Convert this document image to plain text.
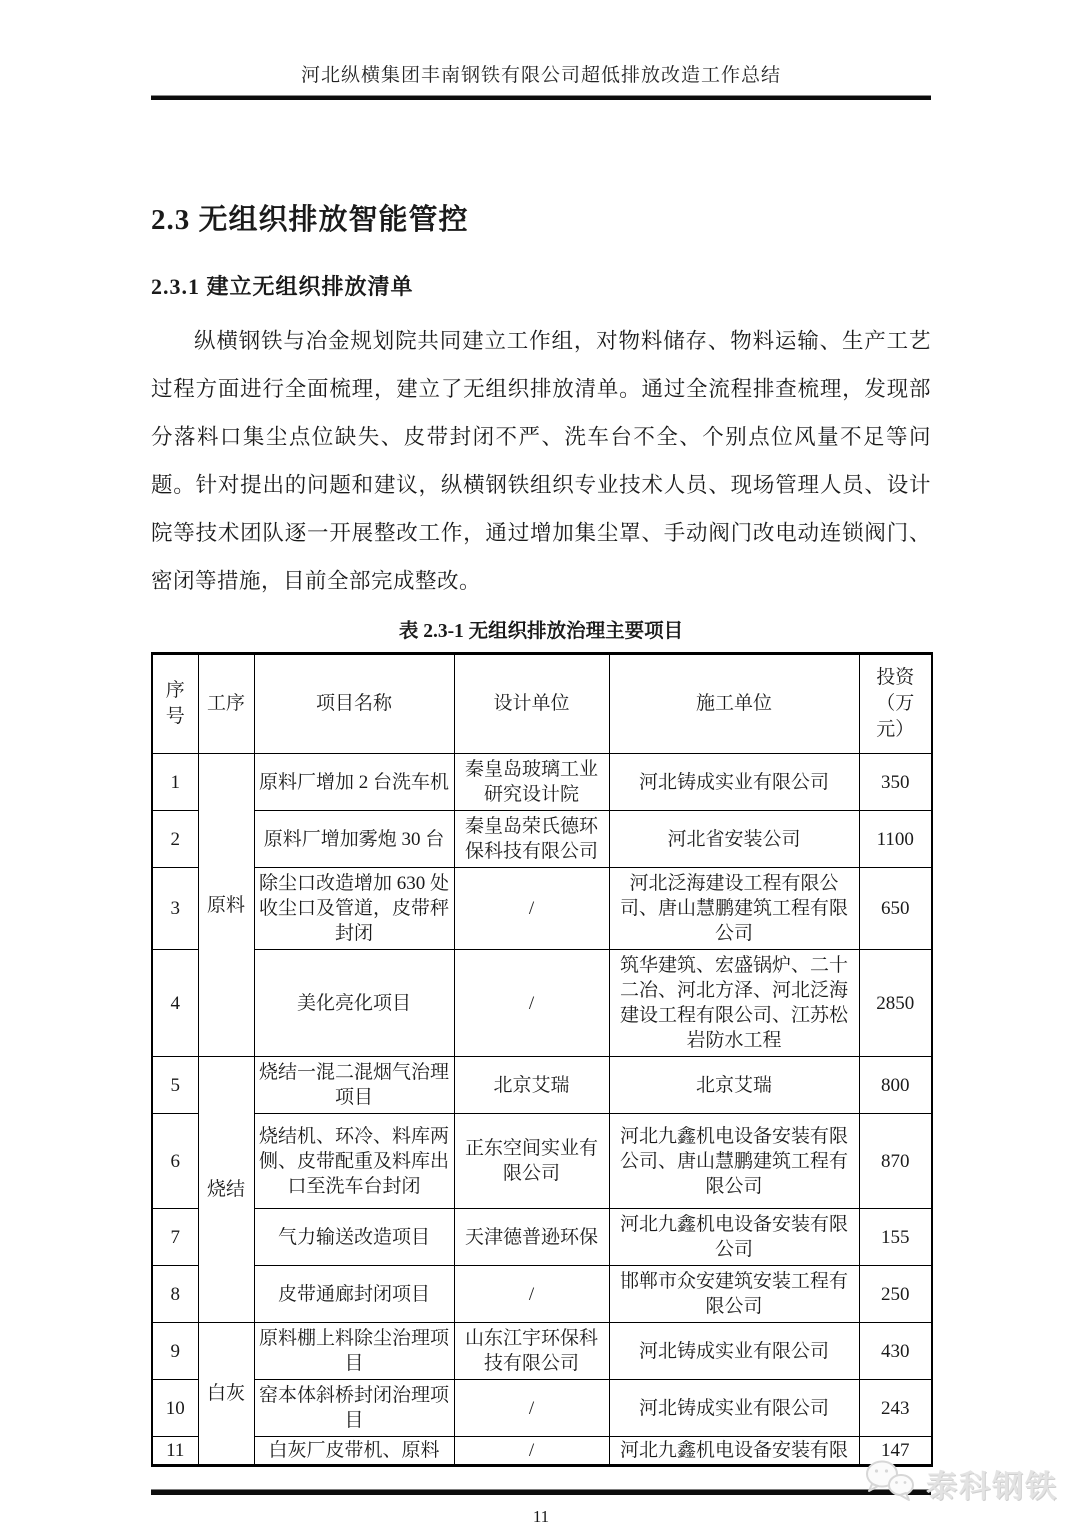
河北纵横集团丰南钢铁有限公司超低排放改造工作总结
2.3 无组织排放智能管控
2.3.1 建立无组织排放清单

纵横钢铁与冶金规划院共同建立工作组，对物料储存、物料运输、生产工艺过程方面进行全面梳理，建立了无组织排放清单。通过全流程排查梳理，发现部分落料口集尘点位缺失、皮带封闭不严、洗车台不全、个别点位风量不足等问题。针对提出的问题和建议，纵横钢铁组织专业技术人员、现场管理人员、设计院等技术团队逐一开展整改工作，通过增加集尘罩、手动阀门改电动连锁阀门、密闭等措施，目前全部完成整改。

表 2.3-1 无组织排放治理主要项目
序号	工序	项目名称	设计单位	施工单位	投资（万元）
1	原料	原料厂增加 2 台洗车机	秦皇岛玻璃工业研究设计院	河北铸成实业有限公司	350
2		原料厂增加雾炮 30 台	秦皇岛荣氏德环保科技有限公司	河北省安装公司	1100
3		除尘口改造增加 630 处收尘口及管道，皮带秤封闭	/	河北泛海建设工程有限公司、唐山慧鹏建筑工程有限公司	650
4		美化亮化项目	/	筑华建筑、宏盛锅炉、二十二冶、河北方泽、河北泛海建设工程有限公司、江苏松岩防水工程	2850
5	烧结	烧结一混二混烟气治理项目	北京艾瑞	北京艾瑞	800
6		烧结机、环冷、料库两侧、皮带配重及料库出口至洗车台封闭	正东空间实业有限公司	河北九鑫机电设备安装有限公司、唐山慧鹏建筑工程有限公司	870
7		气力输送改造项目	天津德普逊环保	河北九鑫机电设备安装有限公司	155
8		皮带通廊封闭项目	/	邯郸市众安建筑安装工程有限公司	250
9	白灰	原料棚上料除尘治理项目	山东江宇环保科技有限公司	河北铸成实业有限公司	430
10		窑本体斜桥封闭治理项目	/	河北铸成实业有限公司	243
11		白灰厂皮带机、原料	/	河北九鑫机电设备安装有限	147
11
泰科钢铁
